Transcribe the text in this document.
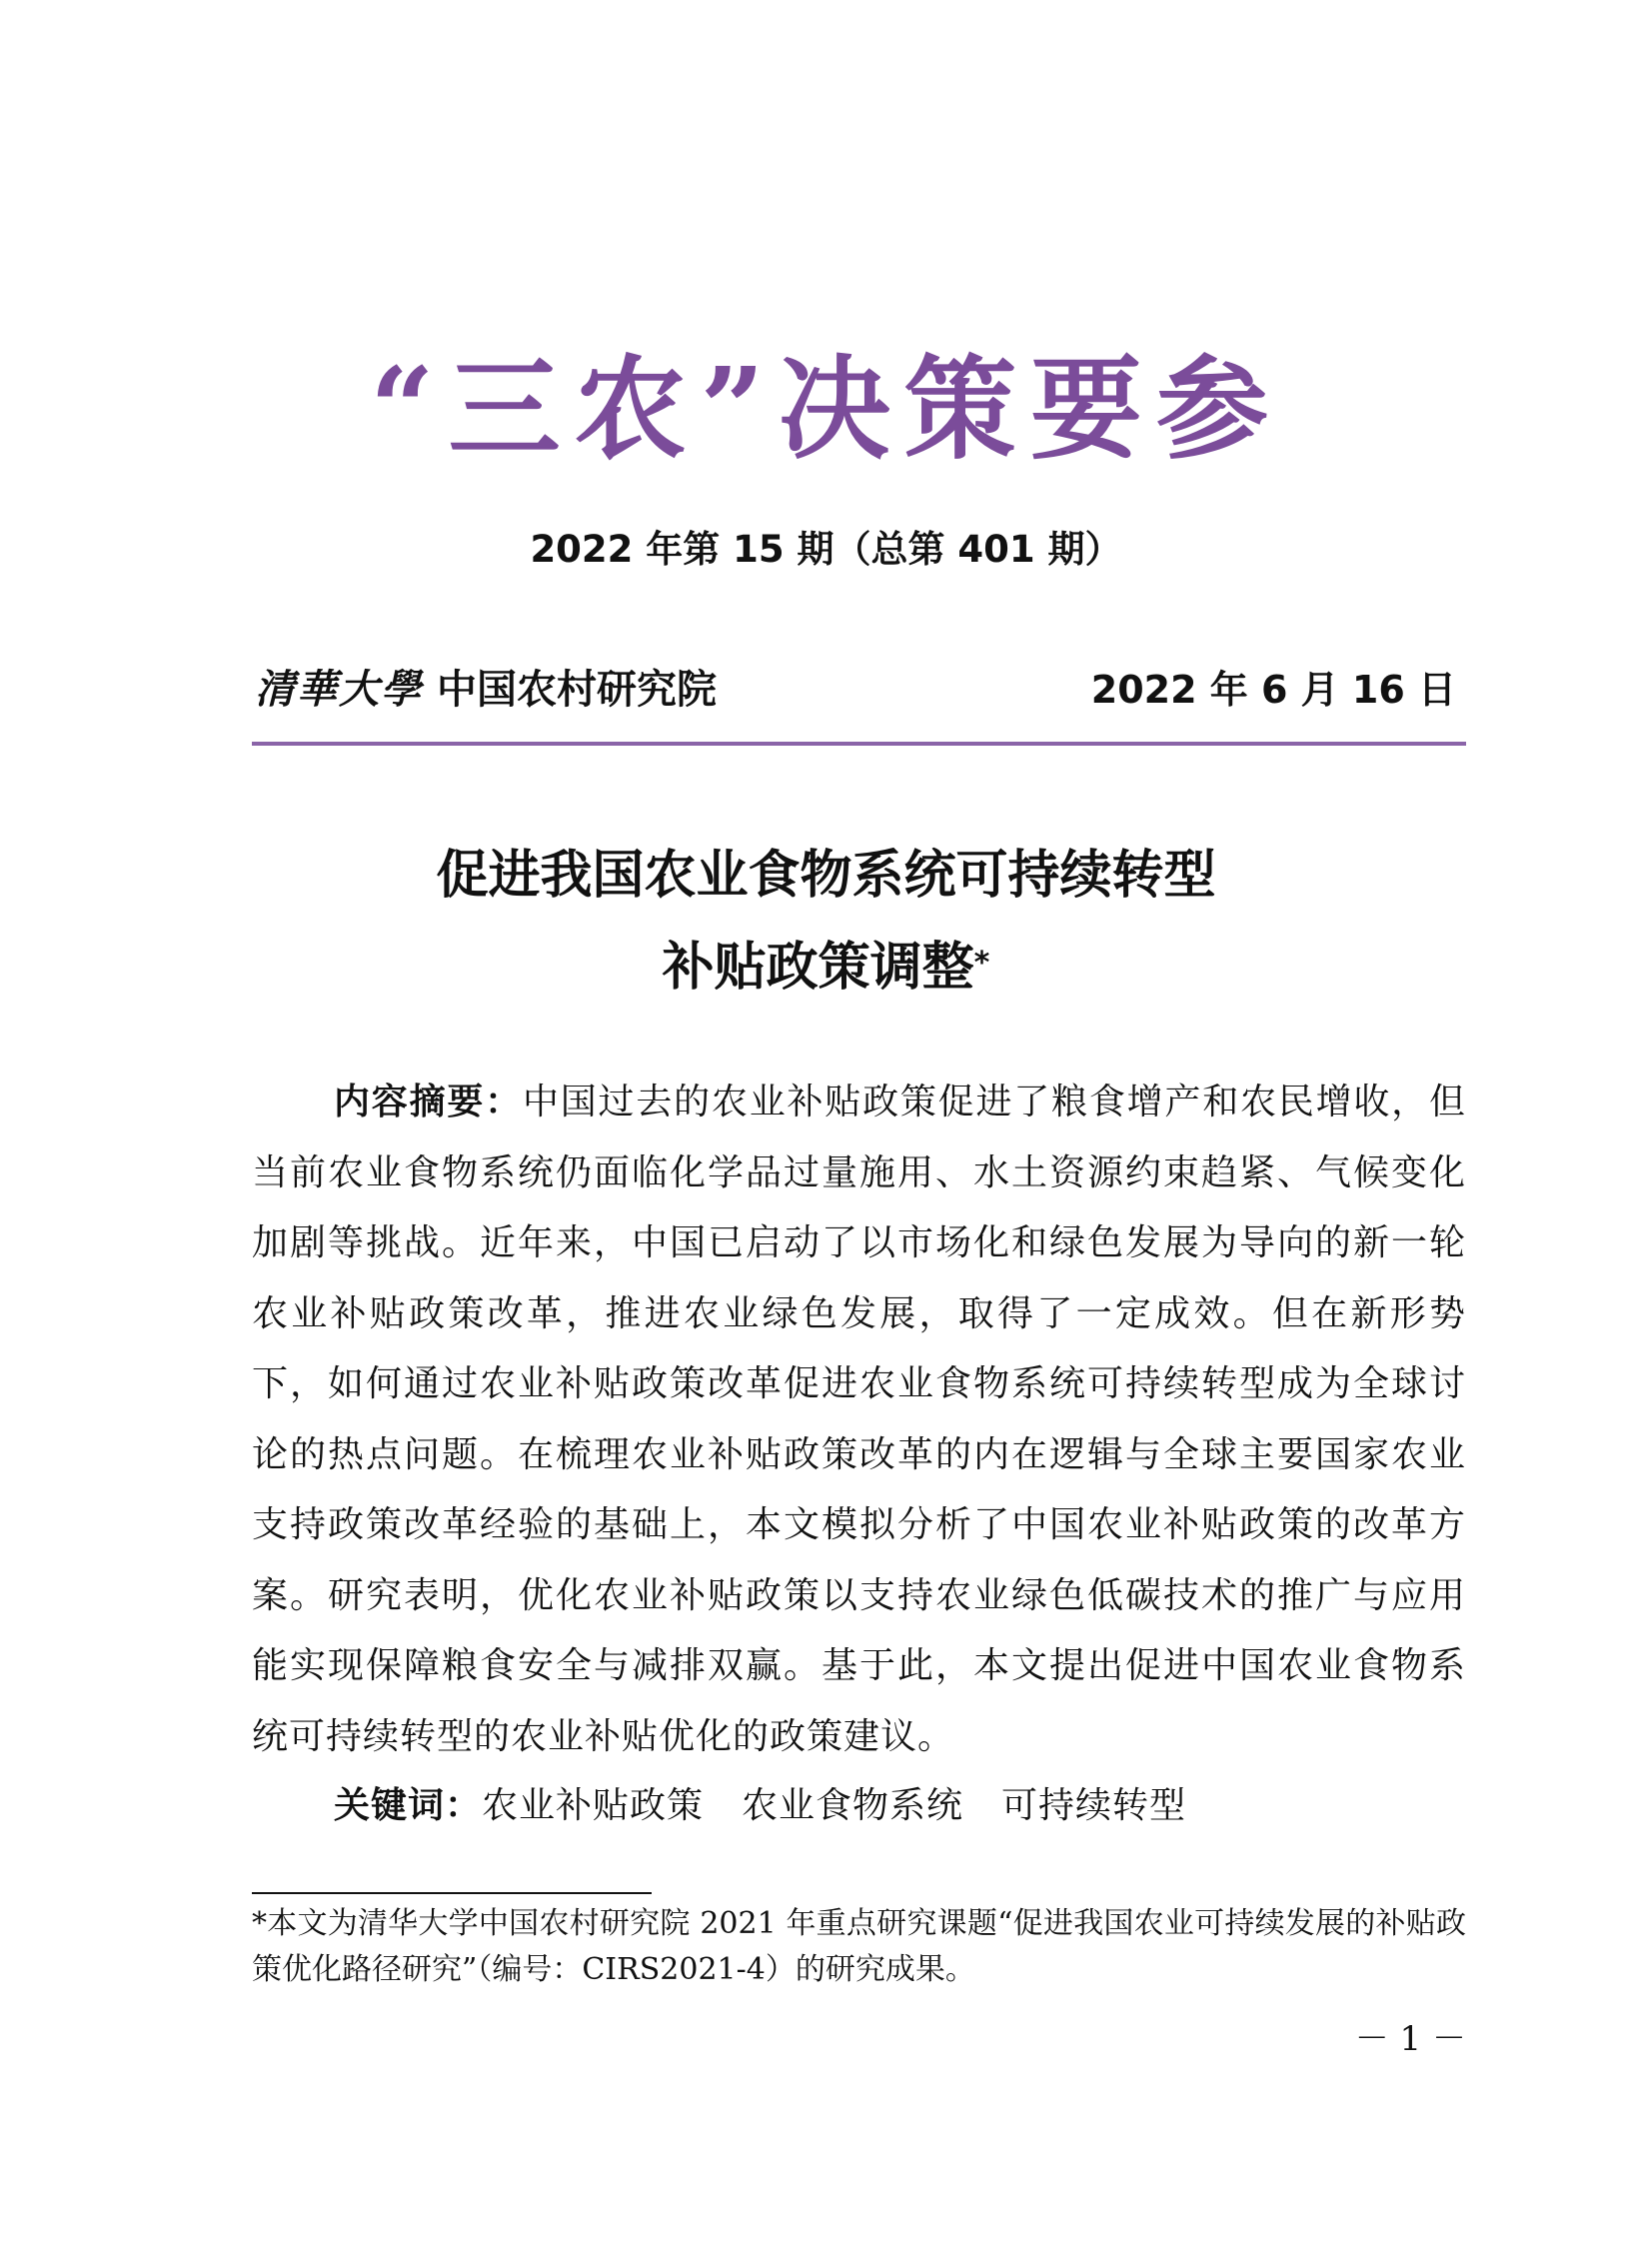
“三农”决策要参
2022 年第 15 期（总第 401 期）
清華大學 中国农村研究院	2022 年 6 月 16 日
促进我国农业食物系统可持续转型
补贴政策调整*
内容摘要：中国过去的农业补贴政策促进了粮食增产和农民增收，但当前农业食物系统仍面临化学品过量施用、水土资源约束趋紧、气候变化加剧等挑战。近年来，中国已启动了以市场化和绿色发展为导向的新一轮农业补贴政策改革，推进农业绿色发展，取得了一定成效。但在新形势下，如何通过农业补贴政策改革促进农业食物系统可持续转型成为全球讨论的热点问题。在梳理农业补贴政策改革的内在逻辑与全球主要国家农业支持政策改革经验的基础上，本文模拟分析了中国农业补贴政策的改革方案。研究表明，优化农业补贴政策以支持农业绿色低碳技术的推广与应用能实现保障粮食安全与减排双赢。基于此，本文提出促进中国农业食物系统可持续转型的农业补贴优化的政策建议。
关键词：农业补贴政策 农业食物系统 可持续转型
*本文为清华大学中国农村研究院 2021 年重点研究课题“促进我国农业可持续发展的补贴政策优化路径研究”（编号：CIRS2021-4）的研究成果。
－ 1 －
